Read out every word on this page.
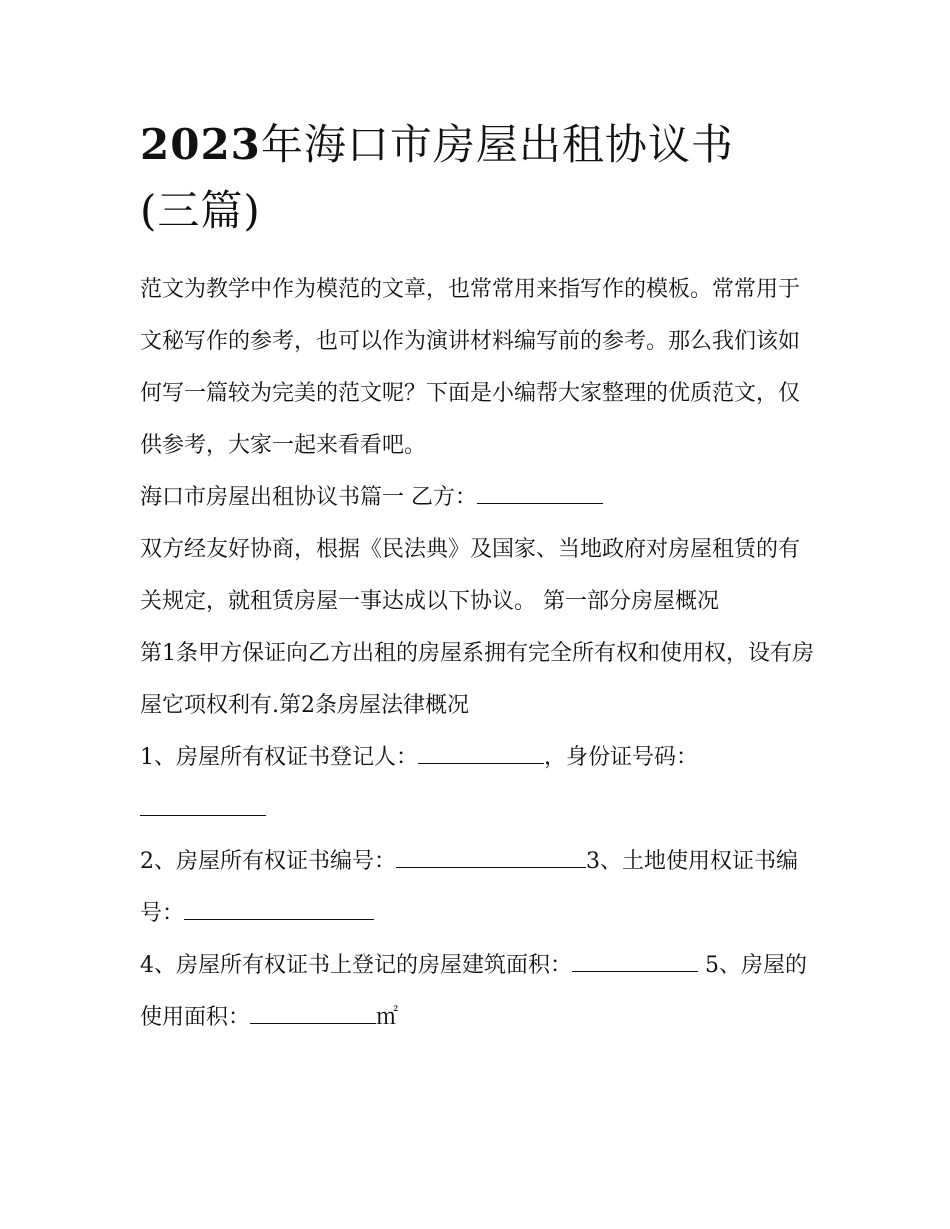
2023年海口市房屋出租协议书
(三篇)

范文为教学中作为模范的文章，也常常用来指写作的模板。常常用于文秘写作的参考，也可以作为演讲材料编写前的参考。那么我们该如何写一篇较为完美的范文呢？下面是小编帮大家整理的优质范文，仅供参考，大家一起来看看吧。

海口市房屋出租协议书篇一 乙方：

双方经友好协商，根据《民法典》及国家、当地政府对房屋租赁的有关规定，就租赁房屋一事达成以下协议。 第一部分房屋概况

第1条甲方保证向乙方出租的房屋系拥有完全所有权和使用权，设有房屋它项权利有.第2条房屋法律概况

1、房屋所有权证书登记人：	，身份证号码：

2、房屋所有权证书编号：	3、土地使用权证书编号：

4、房屋所有权证书上登记的房屋建筑面积：	5、房屋的使用面积：	㎡
